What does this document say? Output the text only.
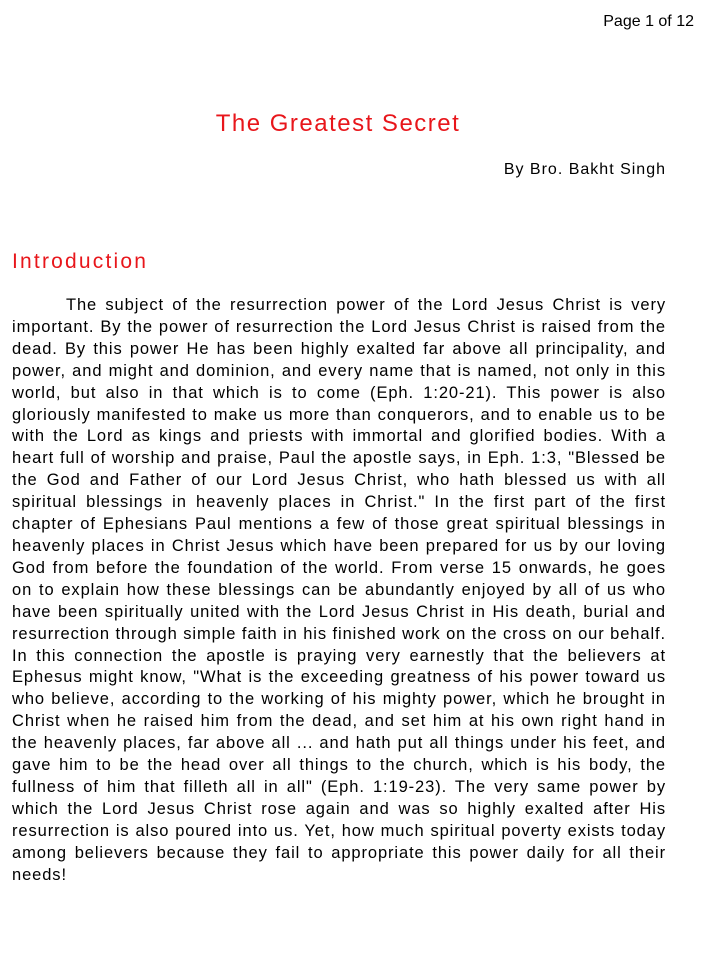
Page 1 of 12
The Greatest Secret
By Bro. Bakht Singh
Introduction

The subject of the resurrection power of the Lord Jesus Christ is very important. By the power of resurrection the Lord Jesus Christ is raised from the dead. By this power He has been highly exalted far above all principality, and power, and might and dominion, and every name that is named, not only in this world, but also in that which is to come (Eph. 1:20-21). This power is also gloriously manifested to make us more than conquerors, and to enable us to be with the Lord as kings and priests with immortal and glorified bodies. With a heart full of worship and praise, Paul the apostle says, in Eph. 1:3, "Blessed be the God and Father of our Lord Jesus Christ, who hath blessed us with all spiritual blessings in heavenly places in Christ." In the first part of the first chapter of Ephesians Paul mentions a few of those great spiritual blessings in heavenly places in Christ Jesus which have been prepared for us by our loving God from before the foundation of the world. From verse 15 onwards, he goes on to explain how these blessings can be abundantly enjoyed by all of us who have been spiritually united with the Lord Jesus Christ in His death, burial and resurrection through simple faith in his finished work on the cross on our behalf. In this connection the apostle is praying very earnestly that the believers at Ephesus might know, "What is the exceeding greatness of his power toward us who believe, according to the working of his mighty power, which he brought in Christ when he raised him from the dead, and set him at his own right hand in the heavenly places, far above all ... and hath put all things under his feet, and gave him to be the head over all things to the church, which is his body, the fullness of him that filleth all in all" (Eph. 1:19-23). The very same power by which the Lord Jesus Christ rose again and was so highly exalted after His resurrection is also poured into us. Yet, how much spiritual poverty exists today among believers because they fail to appropriate this power daily for all their needs!
